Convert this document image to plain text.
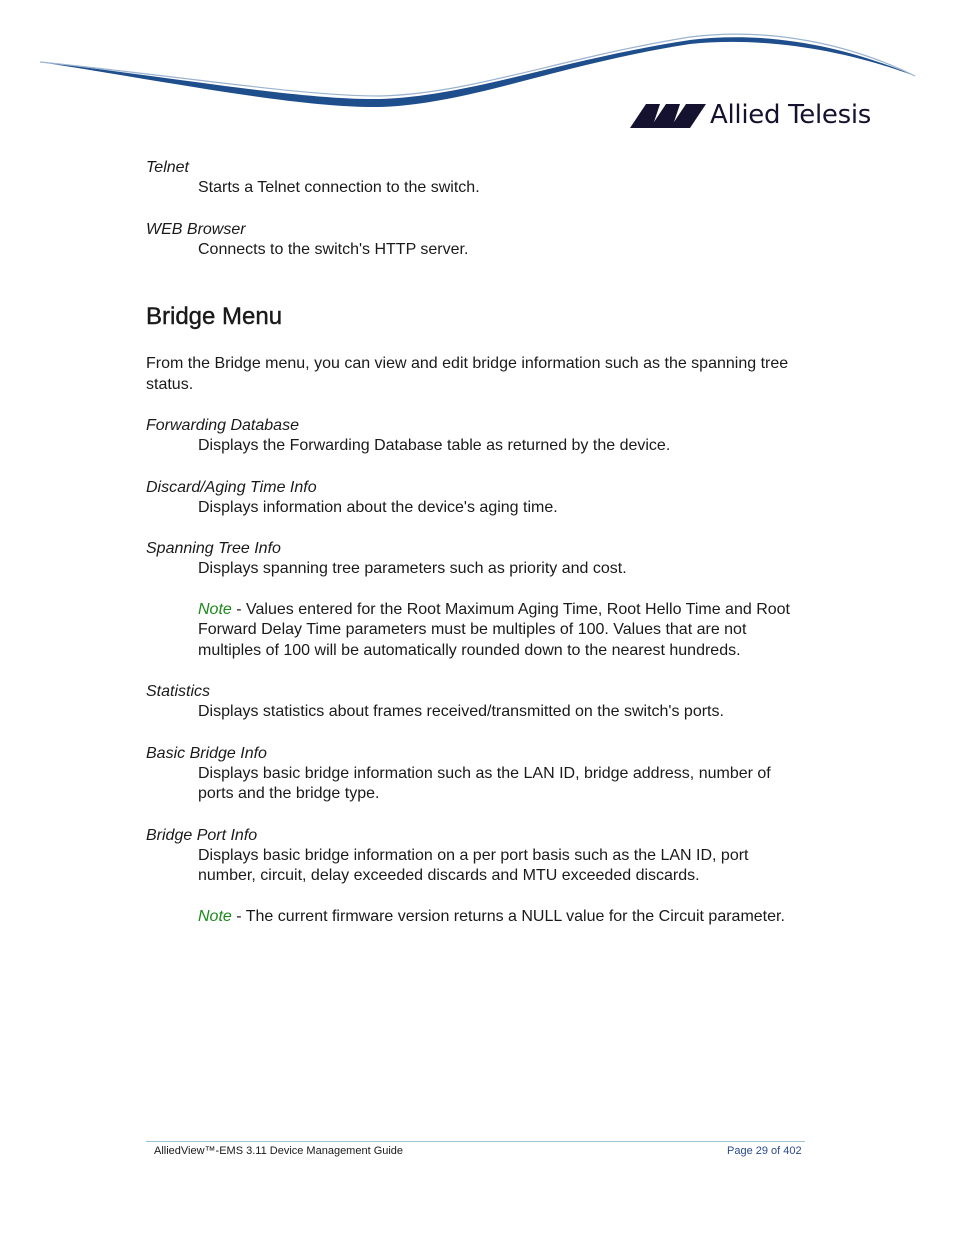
Allied Telesis

Telnet

Starts a Telnet connection to the switch.

WEB Browser

Connects to the switch's HTTP server.

Bridge Menu

From the Bridge menu, you can view and edit bridge information such as the spanning tree status.

Forwarding Database

Displays the Forwarding Database table as returned by the device.

Discard/Aging Time Info

Displays information about the device's aging time.

Spanning Tree Info

Displays spanning tree parameters such as priority and cost.

Note - Values entered for the Root Maximum Aging Time, Root Hello Time and Root Forward Delay Time parameters must be multiples of 100. Values that are not multiples of 100 will be automatically rounded down to the nearest hundreds.

Statistics

Displays statistics about frames received/transmitted on the switch's ports.

Basic Bridge Info

Displays basic bridge information such as the LAN ID, bridge address, number of ports and the bridge type.

Bridge Port Info

Displays basic bridge information on a per port basis such as the LAN ID, port number, circuit, delay exceeded discards and MTU exceeded discards.

Note - The current firmware version returns a NULL value for the Circuit parameter.

AlliedView™-EMS 3.11 Device Management Guide	Page 29 of 402
